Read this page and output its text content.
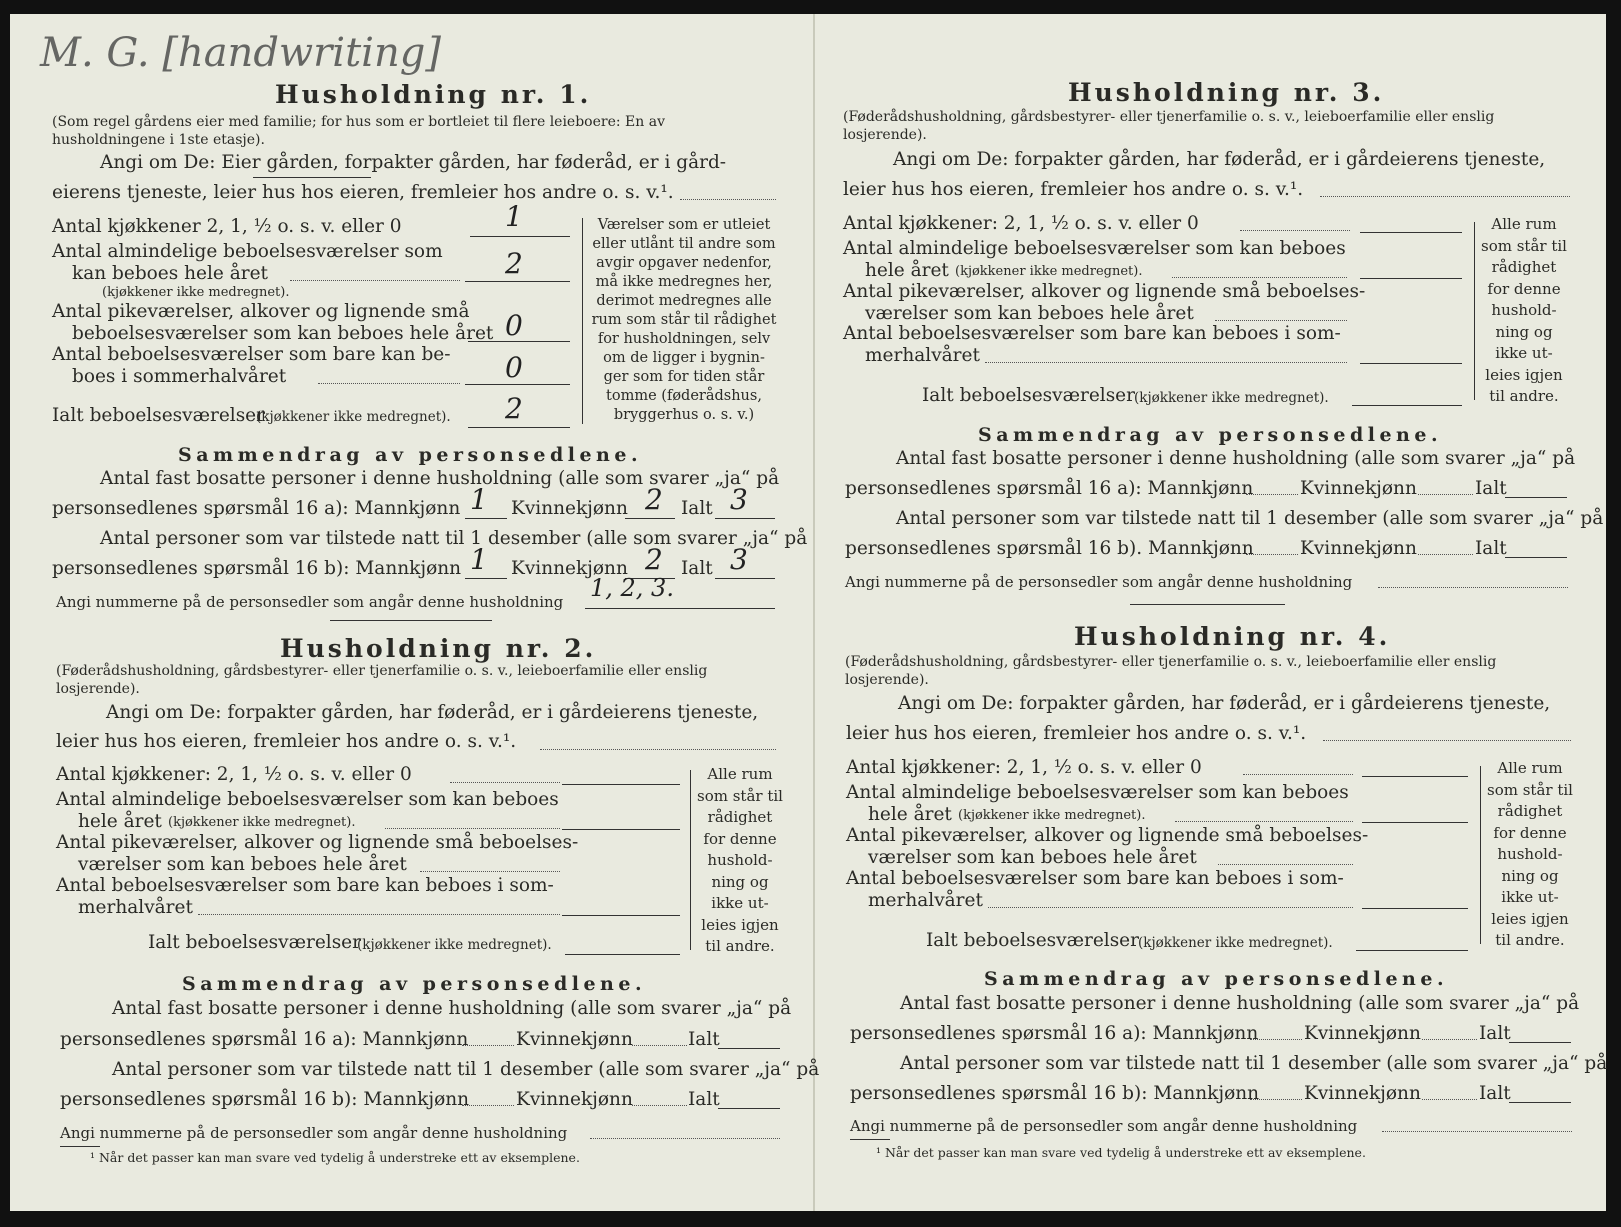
M. G. [handwriting]
Husholdning nr. 1.
(Som regel gårdens eier med familie; for hus som er bortleiet til flere leieboere: En av husholdningene i 1ste etasje).
Angi om De: Eier gården, forpakter gården, har føderåd, er i gård-
eierens tjeneste, leier hus hos eieren, fremleier hos andre o. s. v.¹.
Antal kjøkkener 2, 1, ½ o. s. v. eller 0	1
Antal almindelige beboelsesværelser som
kan beboes hele året	2
(kjøkkener ikke medregnet).
Antal pikeværelser, alkover og lignende små
beboelsesværelser som kan beboes hele året 0
Antal beboelsesværelser som bare kan be-
boes i sommerhalvåret	0
Ialt beboelsesværelser
(kjøkkener ikke medregnet). 2
Værelser som er utleiet
eller utlånt til andre som
avgir opgaver nedenfor,
må ikke medregnes her,
derimot medregnes alle
rum som står til rådighet
for husholdningen, selv
om de ligger i bygnin-
ger som for tiden står
tomme (føderådshus,
bryggerhus o. s. v.)
Sammendrag av personsedlene.
Antal fast bosatte personer i denne husholdning (alle som svarer „ja“ på
personsedlenes spørsmål 16 a): Mannkjønn 1 Kvinnekjønn 2 Ialt 3
Antal personer som var tilstede natt til 1 desember (alle som svarer „ja“ på
personsedlenes spørsmål 16 b): Mannkjønn 1 Kvinnekjønn 2 Ialt 3
Angi nummerne på de personsedler som angår denne husholdning 1, 2, 3.
Husholdning nr. 2.
(Føderådshusholdning, gårdsbestyrer- eller tjenerfamilie o. s. v., leieboerfamilie eller enslig losjerende).
Angi om De: forpakter gården, har føderåd, er i gårdeierens tjeneste,
leier hus hos eieren, fremleier hos andre o. s. v.¹.
Antal kjøkkener: 2, 1, ½ o. s. v. eller 0
Antal almindelige beboelsesværelser som kan beboes
hele året (kjøkkener ikke medregnet).
Antal pikeværelser, alkover og lignende små beboelses-
værelser som kan beboes hele året
Antal beboelsesværelser som bare kan beboes i som-
merhalvåret
Ialt beboelsesværelser
(kjøkkener ikke medregnet).
Alle rum
som står til
rådighet
for denne
hushold-
ning og
ikke ut-
leies igjen
til andre.
Sammendrag av personsedlene.
Antal fast bosatte personer i denne husholdning (alle som svarer „ja“ på
personsedlenes spørsmål 16 a): Mannkjønn	Kvinnekjønn	Ialt
Antal personer som var tilstede natt til 1 desember (alle som svarer „ja“ på
personsedlenes spørsmål 16 b): Mannkjønn	Kvinnekjønn	Ialt
Angi nummerne på de personsedler som angår denne husholdning
¹ Når det passer kan man svare ved tydelig å understreke ett av eksemplene.
Husholdning nr. 3.
(Føderådshusholdning, gårdsbestyrer- eller tjenerfamilie o. s. v., leieboerfamilie eller enslig losjerende).
Angi om De: forpakter gården, har føderåd, er i gårdeierens tjeneste,
leier hus hos eieren, fremleier hos andre o. s. v.¹.
Antal kjøkkener: 2, 1, ½ o. s. v. eller 0
Antal almindelige beboelsesværelser som kan beboes
hele året (kjøkkener ikke medregnet).
Antal pikeværelser, alkover og lignende små beboelses-
værelser som kan beboes hele året
Antal beboelsesværelser som bare kan beboes i som-
merhalvåret
Ialt beboelsesværelser (kjøkkener ikke medregnet).
Alle rum
som står til
rådighet
for denne
hushold-
ning og
ikke ut-
leies igjen
til andre.
Sammendrag av personsedlene.
Antal fast bosatte personer i denne husholdning (alle som svarer „ja“ på
personsedlenes spørsmål 16 a): Mannkjønn	Kvinnekjønn	Ialt
Antal personer som var tilstede natt til 1 desember (alle som svarer „ja“ på
personsedlenes spørsmål 16 b). Mannkjønn	Kvinnekjønn	Ialt
Angi nummerne på de personsedler som angår denne husholdning
Husholdning nr. 4.
(Føderådshusholdning, gårdsbestyrer- eller tjenerfamilie o. s. v., leieboerfamilie eller enslig losjerende).
Angi om De: forpakter gården, har føderåd, er i gårdeierens tjeneste,
leier hus hos eieren, fremleier hos andre o. s. v.¹.
Antal kjøkkener: 2, 1, ½ o. s. v. eller 0
Antal almindelige beboelsesværelser som kan beboes
hele året (kjøkkener ikke medregnet).
Antal pikeværelser, alkover og lignende små beboelses-
værelser som kan beboes hele året
Antal beboelsesværelser som bare kan beboes i som-
merhalvåret
Ialt beboelsesværelser (kjøkkener ikke medregnet).
Alle rum
som står til
rådighet
for denne
hushold-
ning og
ikke ut-
leies igjen
til andre.
Sammendrag av personsedlene.
Antal fast bosatte personer i denne husholdning (alle som svarer „ja“ på
personsedlenes spørsmål 16 a): Mannkjønn Kvinnekjønn	Ialt
Antal personer som var tilstede natt til 1 desember (alle som svarer „ja“ på
personsedlenes spørsmål 16 b): Mannkjønn Kvinnekjønn	Ialt
Angi nummerne på de personsedler som angår denne husholdning
¹ Når det passer kan man svare ved tydelig å understreke ett av eksemplene.
